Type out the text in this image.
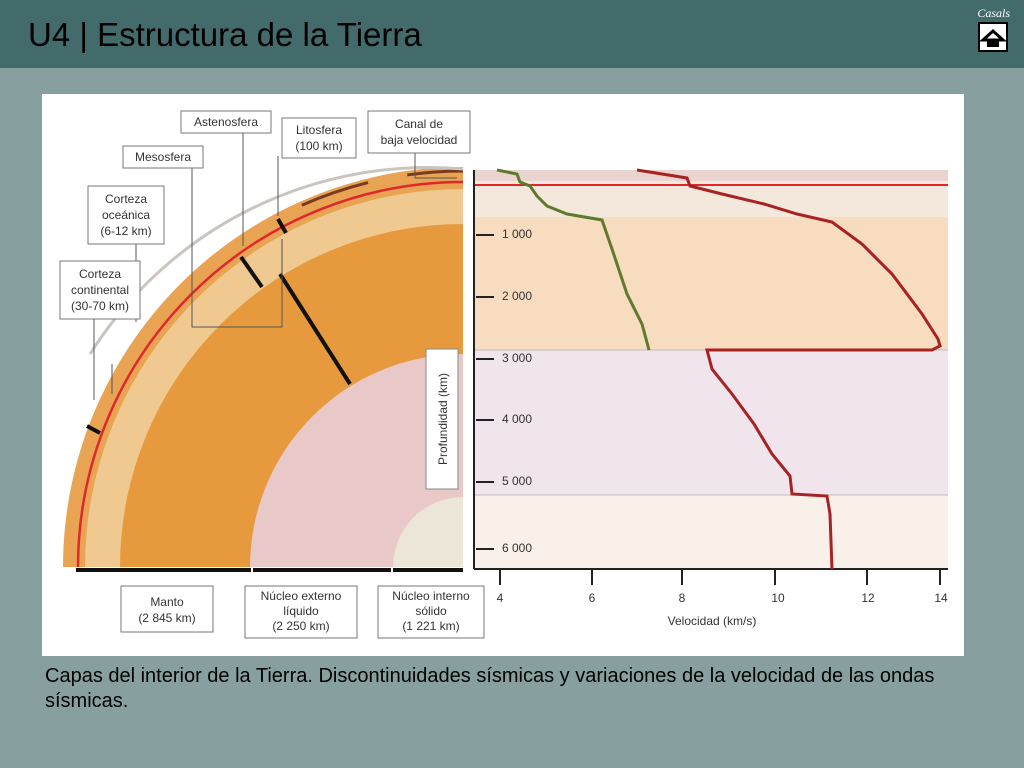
U4 | Estructura de la Tierra
Casals
Astenosfera
Litosfera
(100 km)
Canal de
baja velocidad
Mesosfera
Corteza
oceánica
(6-12 km)
Corteza
continental
(30-70 km)
Manto
(2 845 km)
Núcleo externo
líquido
(2 250 km)
Núcleo interno
sólido
(1 221 km)
Profundidad (km)
1 000
2 000
3 000
4 000
5 000
6 000
4	6	8	10	12	14
Velocidad (km/s)
Capas del interior de la Tierra. Discontinuidades sísmicas y variaciones de la velocidad de las ondas sísmicas.
